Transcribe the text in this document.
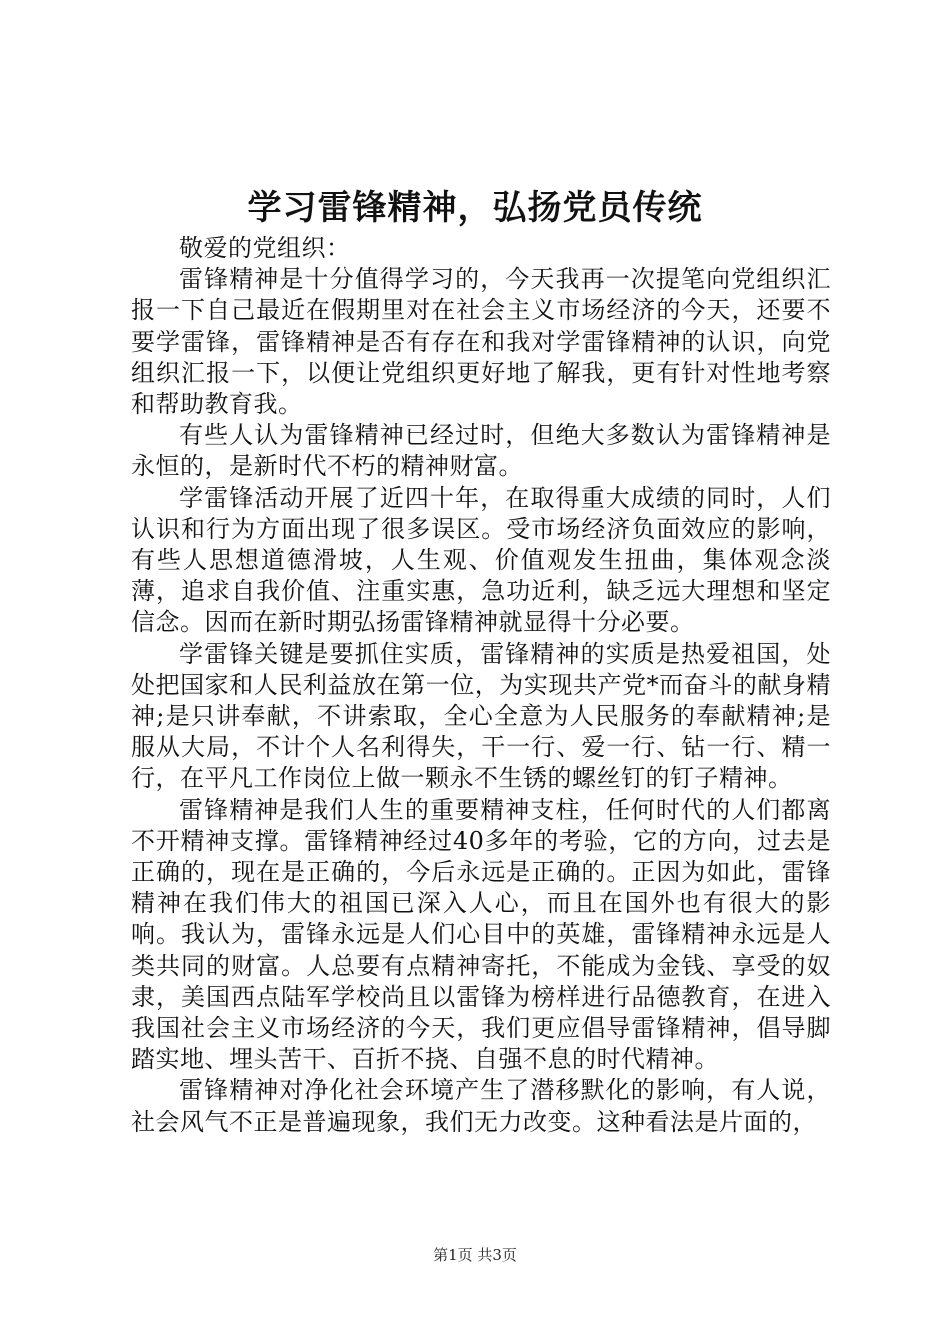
学习雷锋精神，弘扬党员传统

敬爱的党组织：

雷锋精神是十分值得学习的，今天我再一次提笔向党组织汇报一下自己最近在假期里对在社会主义市场经济的今天，还要不要学雷锋，雷锋精神是否有存在和我对学雷锋精神的认识，向党组织汇报一下，以便让党组织更好地了解我，更有针对性地考察和帮助教育我。

有些人认为雷锋精神已经过时，但绝大多数认为雷锋精神是永恒的，是新时代不朽的精神财富。

学雷锋活动开展了近四十年，在取得重大成绩的同时，人们认识和行为方面出现了很多误区。受市场经济负面效应的影响，有些人思想道德滑坡，人生观、价值观发生扭曲，集体观念淡薄，追求自我价值、注重实惠，急功近利，缺乏远大理想和坚定信念。因而在新时期弘扬雷锋精神就显得十分必要。

学雷锋关键是要抓住实质，雷锋精神的实质是热爱祖国，处处把国家和人民利益放在第一位，为实现共产党*而奋斗的献身精神;是只讲奉献，不讲索取，全心全意为人民服务的奉献精神;是服从大局，不计个人名利得失，干一行、爱一行、钻一行、精一行，在平凡工作岗位上做一颗永不生锈的螺丝钉的钉子精神。

雷锋精神是我们人生的重要精神支柱，任何时代的人们都离不开精神支撑。雷锋精神经过40多年的考验，它的方向，过去是正确的，现在是正确的，今后永远是正确的。正因为如此，雷锋精神在我们伟大的祖国已深入人心，而且在国外也有很大的影响。我认为，雷锋永远是人们心目中的英雄，雷锋精神永远是人类共同的财富。人总要有点精神寄托，不能成为金钱、享受的奴隶，美国西点陆军学校尚且以雷锋为榜样进行品德教育，在进入我国社会主义市场经济的今天，我们更应倡导雷锋精神，倡导脚踏实地、埋头苦干、百折不挠、自强不息的时代精神。

雷锋精神对净化社会环境产生了潜移默化的影响，有人说，社会风气不正是普遍现象，我们无力改变。这种看法是片面的，

第1页 共3页
